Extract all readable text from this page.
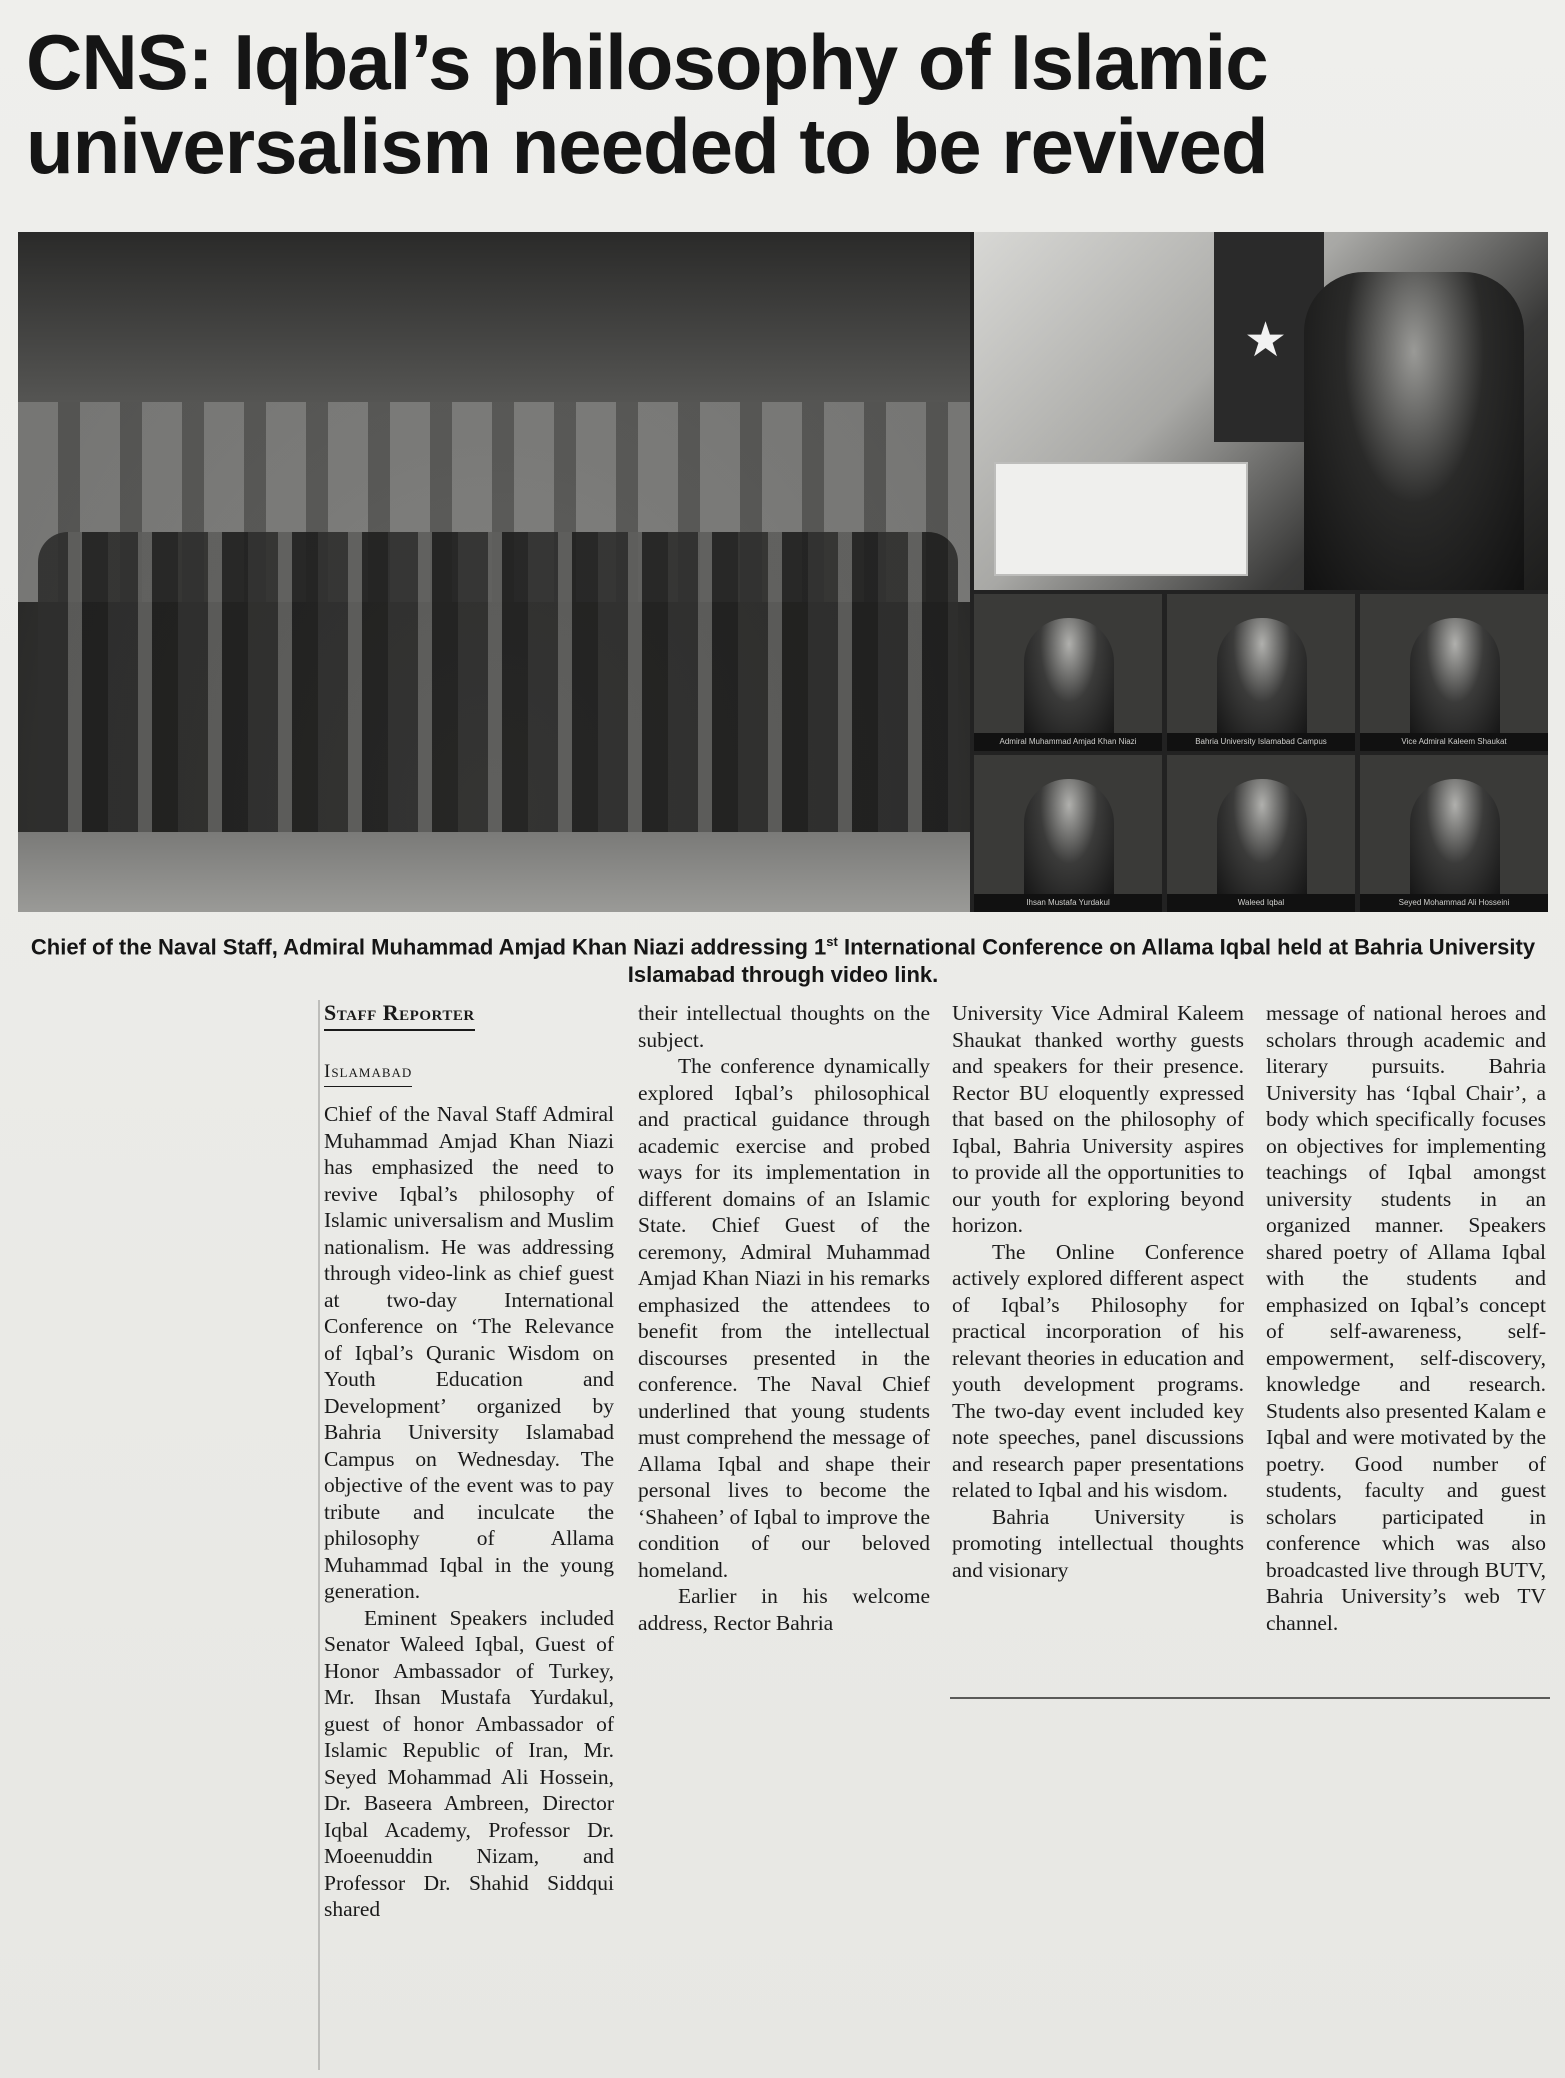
CNS: Iqbal’s philosophy of Islamic
universalism needed to be revived
★
Admiral Muhammad Amjad Khan Niazi	Bahria University Islamabad Campus	Vice Admiral Kaleem Shaukat
Ihsan Mustafa Yurdakul	Waleed Iqbal	Seyed Mohammad Ali Hosseini

Chief of the Naval Staff, Admiral Muhammad Amjad Khan Niazi addressing 1st International Conference on Allama Iqbal held at Bahria University Islamabad through video link.

Staff Reporter
Islamabad

Chief of the Naval Staff Admiral Muhammad Amjad Khan Niazi has emphasized the need to revive Iqbal’s philosophy of Islamic universalism and Muslim nationalism. He was addressing through video-link as chief guest at two-day International Conference on ‘The Relevance of Iqbal’s Quranic Wisdom on Youth Education and Development’ organized by Bahria University Islamabad Campus on Wednesday. The objective of the event was to pay tribute and inculcate the philosophy of Allama Muhammad Iqbal in the young generation.

Eminent Speakers included Senator Waleed Iqbal, Guest of Honor Ambassador of Turkey, Mr. Ihsan Mustafa Yurdakul, guest of honor Ambassador of Islamic Republic of Iran, Mr. Seyed Mohammad Ali Hossein, Dr. Baseera Ambreen, Director Iqbal Academy, Professor Dr. Moeenuddin Nizam, and Professor Dr. Shahid Siddqui shared

their intellectual thoughts on the subject.

The conference dynamically explored Iqbal’s philosophical and practical guidance through academic exercise and probed ways for its implementation in different domains of an Islamic State. Chief Guest of the ceremony, Admiral Muhammad Amjad Khan Niazi in his remarks emphasized the attendees to benefit from the intellectual discourses presented in the conference. The Naval Chief underlined that young students must comprehend the message of Allama Iqbal and shape their personal lives to become the ‘Shaheen’ of Iqbal to improve the condition of our beloved homeland.

Earlier in his welcome address, Rector Bahria

University Vice Admiral Kaleem Shaukat thanked worthy guests and speakers for their presence. Rector BU eloquently expressed that based on the philosophy of Iqbal, Bahria University aspires to provide all the opportunities to our youth for exploring beyond horizon.

The Online Conference actively explored different aspect of Iqbal’s Philosophy for practical incorporation of his relevant theories in education and youth development programs. The two-day event included key note speeches, panel discussions and research paper presentations related to Iqbal and his wisdom.

Bahria University is promoting intellectual thoughts and visionary

message of national heroes and scholars through academic and literary pursuits. Bahria University has ‘Iqbal Chair’, a body which specifically focuses on objectives for implementing teachings of Iqbal amongst university students in an organized manner. Speakers shared poetry of Allama Iqbal with the students and emphasized on Iqbal’s concept of self-awareness, self-empowerment, self-discovery, knowledge and research. Students also presented Kalam e Iqbal and were motivated by the poetry. Good number of students, faculty and guest scholars participated in conference which was also broadcasted live through BUTV, Bahria University’s web TV channel.
